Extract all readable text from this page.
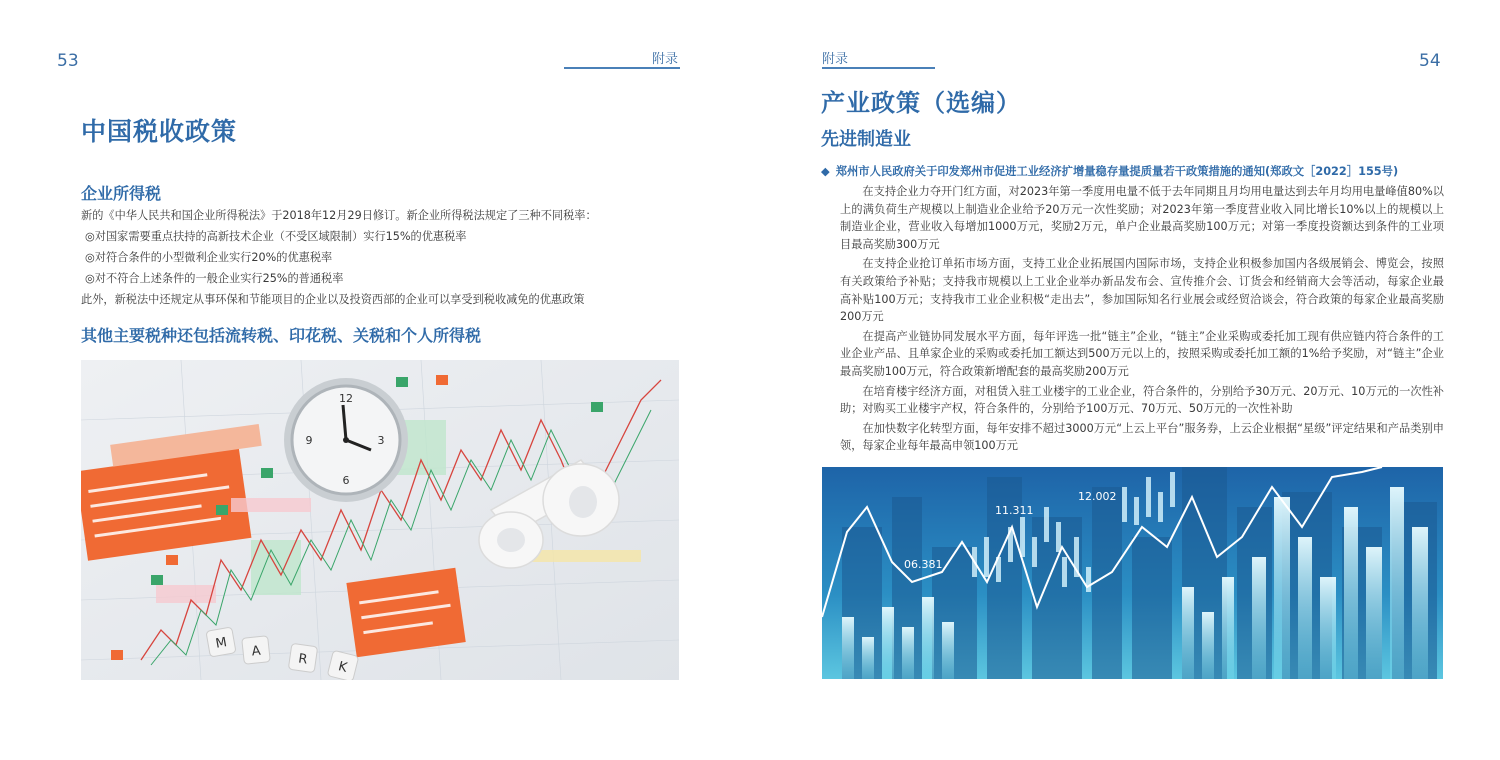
53	附录
中国税收政策
企业所得税
新的《中华人民共和国企业所得税法》于2018年12月29日修订。新企业所得税法规定了三种不同税率：
◎对国家需要重点扶持的高新技术企业（不受区域限制）实行15%的优惠税率
◎对符合条件的小型微利企业实行20%的优惠税率
◎对不符合上述条件的一般企业实行25%的普通税率
此外，新税法中还规定从事环保和节能项目的企业以及投资西部的企业可以享受到税收减免的优惠政策
其他主要税种还包括流转税、印花税、关税和个人所得税
12
3
6
9
M A	R K
附录	54
产业政策（选编）
先进制造业
◆ 郑州市人民政府关于印发郑州市促进工业经济扩增量稳存量提质量若干政策措施的通知(郑政文［2022］155号)

在支持企业力夺开门红方面，对2023年第一季度用电量不低于去年同期且月均用电量达到去年月均用电量峰值80%以上的满负荷生产规模以上制造业企业给予20万元一次性奖励；对2023年第一季度营业收入同比增长10%以上的规模以上制造业企业，营业收入每增加1000万元，奖励2万元，单户企业最高奖励100万元；对第一季度投资额达到条件的工业项目最高奖励300万元

在支持企业抢订单拓市场方面，支持工业企业拓展国内国际市场，支持企业积极参加国内各级展销会、博览会，按照有关政策给予补贴；支持我市规模以上工业企业举办新品发布会、宣传推介会、订货会和经销商大会等活动，每家企业最高补贴100万元；支持我市工业企业积极“走出去”，参加国际知名行业展会或经贸洽谈会，符合政策的每家企业最高奖励200万元

在提高产业链协同发展水平方面，每年评选一批“链主”企业，“链主”企业采购或委托加工现有供应链内符合条件的工业企业产品、且单家企业的采购或委托加工额达到500万元以上的，按照采购或委托加工额的1%给予奖励，对“链主”企业最高奖励100万元，符合政策新增配套的最高奖励200万元

在培育楼宇经济方面，对租赁入驻工业楼宇的工业企业，符合条件的，分别给予30万元、20万元、10万元的一次性补助；对购买工业楼宇产权，符合条件的，分别给予100万元、70万元、50万元的一次性补助

在加快数字化转型方面，每年安排不超过3000万元“上云上平台”服务券，上云企业根据“星级”评定结果和产品类别申领，每家企业每年最高申领100万元

06.381
11.311
12.002
